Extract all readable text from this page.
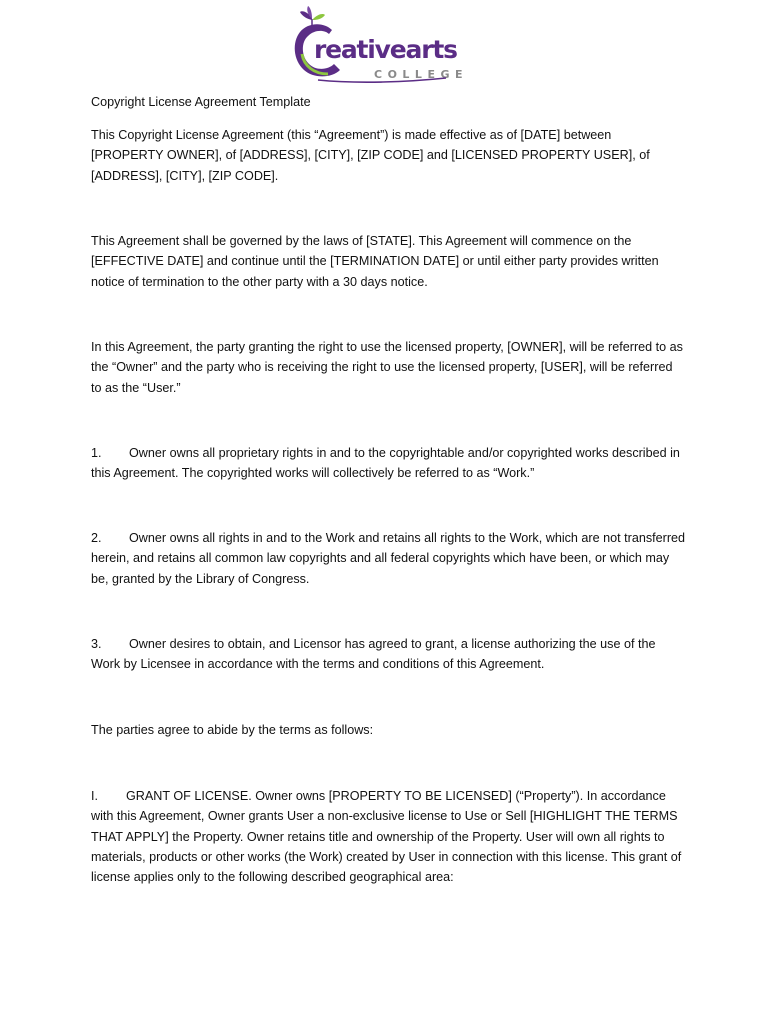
reativearts
COLLEGE

Copyright License Agreement Template

This Copyright License Agreement (this “Agreement”) is made effective as of [DATE] between [PROPERTY OWNER], of [ADDRESS], [CITY], [ZIP CODE] and [LICENSED PROPERTY USER], of [ADDRESS], [CITY], [ZIP CODE].

This Agreement shall be governed by the laws of [STATE]. This Agreement will commence on the [EFFECTIVE DATE] and continue until the [TERMINATION DATE] or until either party provides written notice of termination to the other party with a 30 days notice.

In this Agreement, the party granting the right to use the licensed property, [OWNER], will be referred to as the “Owner” and the party who is receiving the right to use the licensed property, [USER], will be referred to as the “User.”

1. Owner owns all proprietary rights in and to the copyrightable and/or copyrighted works described in this Agreement. The copyrighted works will collectively be referred to as “Work.”

2. Owner owns all rights in and to the Work and retains all rights to the Work, which are not transferred herein, and retains all common law copyrights and all federal copyrights which have been, or which may be, granted by the Library of Congress.

3. Owner desires to obtain, and Licensor has agreed to grant, a license authorizing the use of the Work by Licensee in accordance with the terms and conditions of this Agreement.

The parties agree to abide by the terms as follows:

I. GRANT OF LICENSE. Owner owns [PROPERTY TO BE LICENSED] (“Property”). In accordance with this Agreement, Owner grants User a non-exclusive license to Use or Sell [HIGHLIGHT THE TERMS THAT APPLY] the Property. Owner retains title and ownership of the Property. User will own all rights to materials, products or other works (the Work) created by User in connection with this license. This grant of license applies only to the following described geographical area:
